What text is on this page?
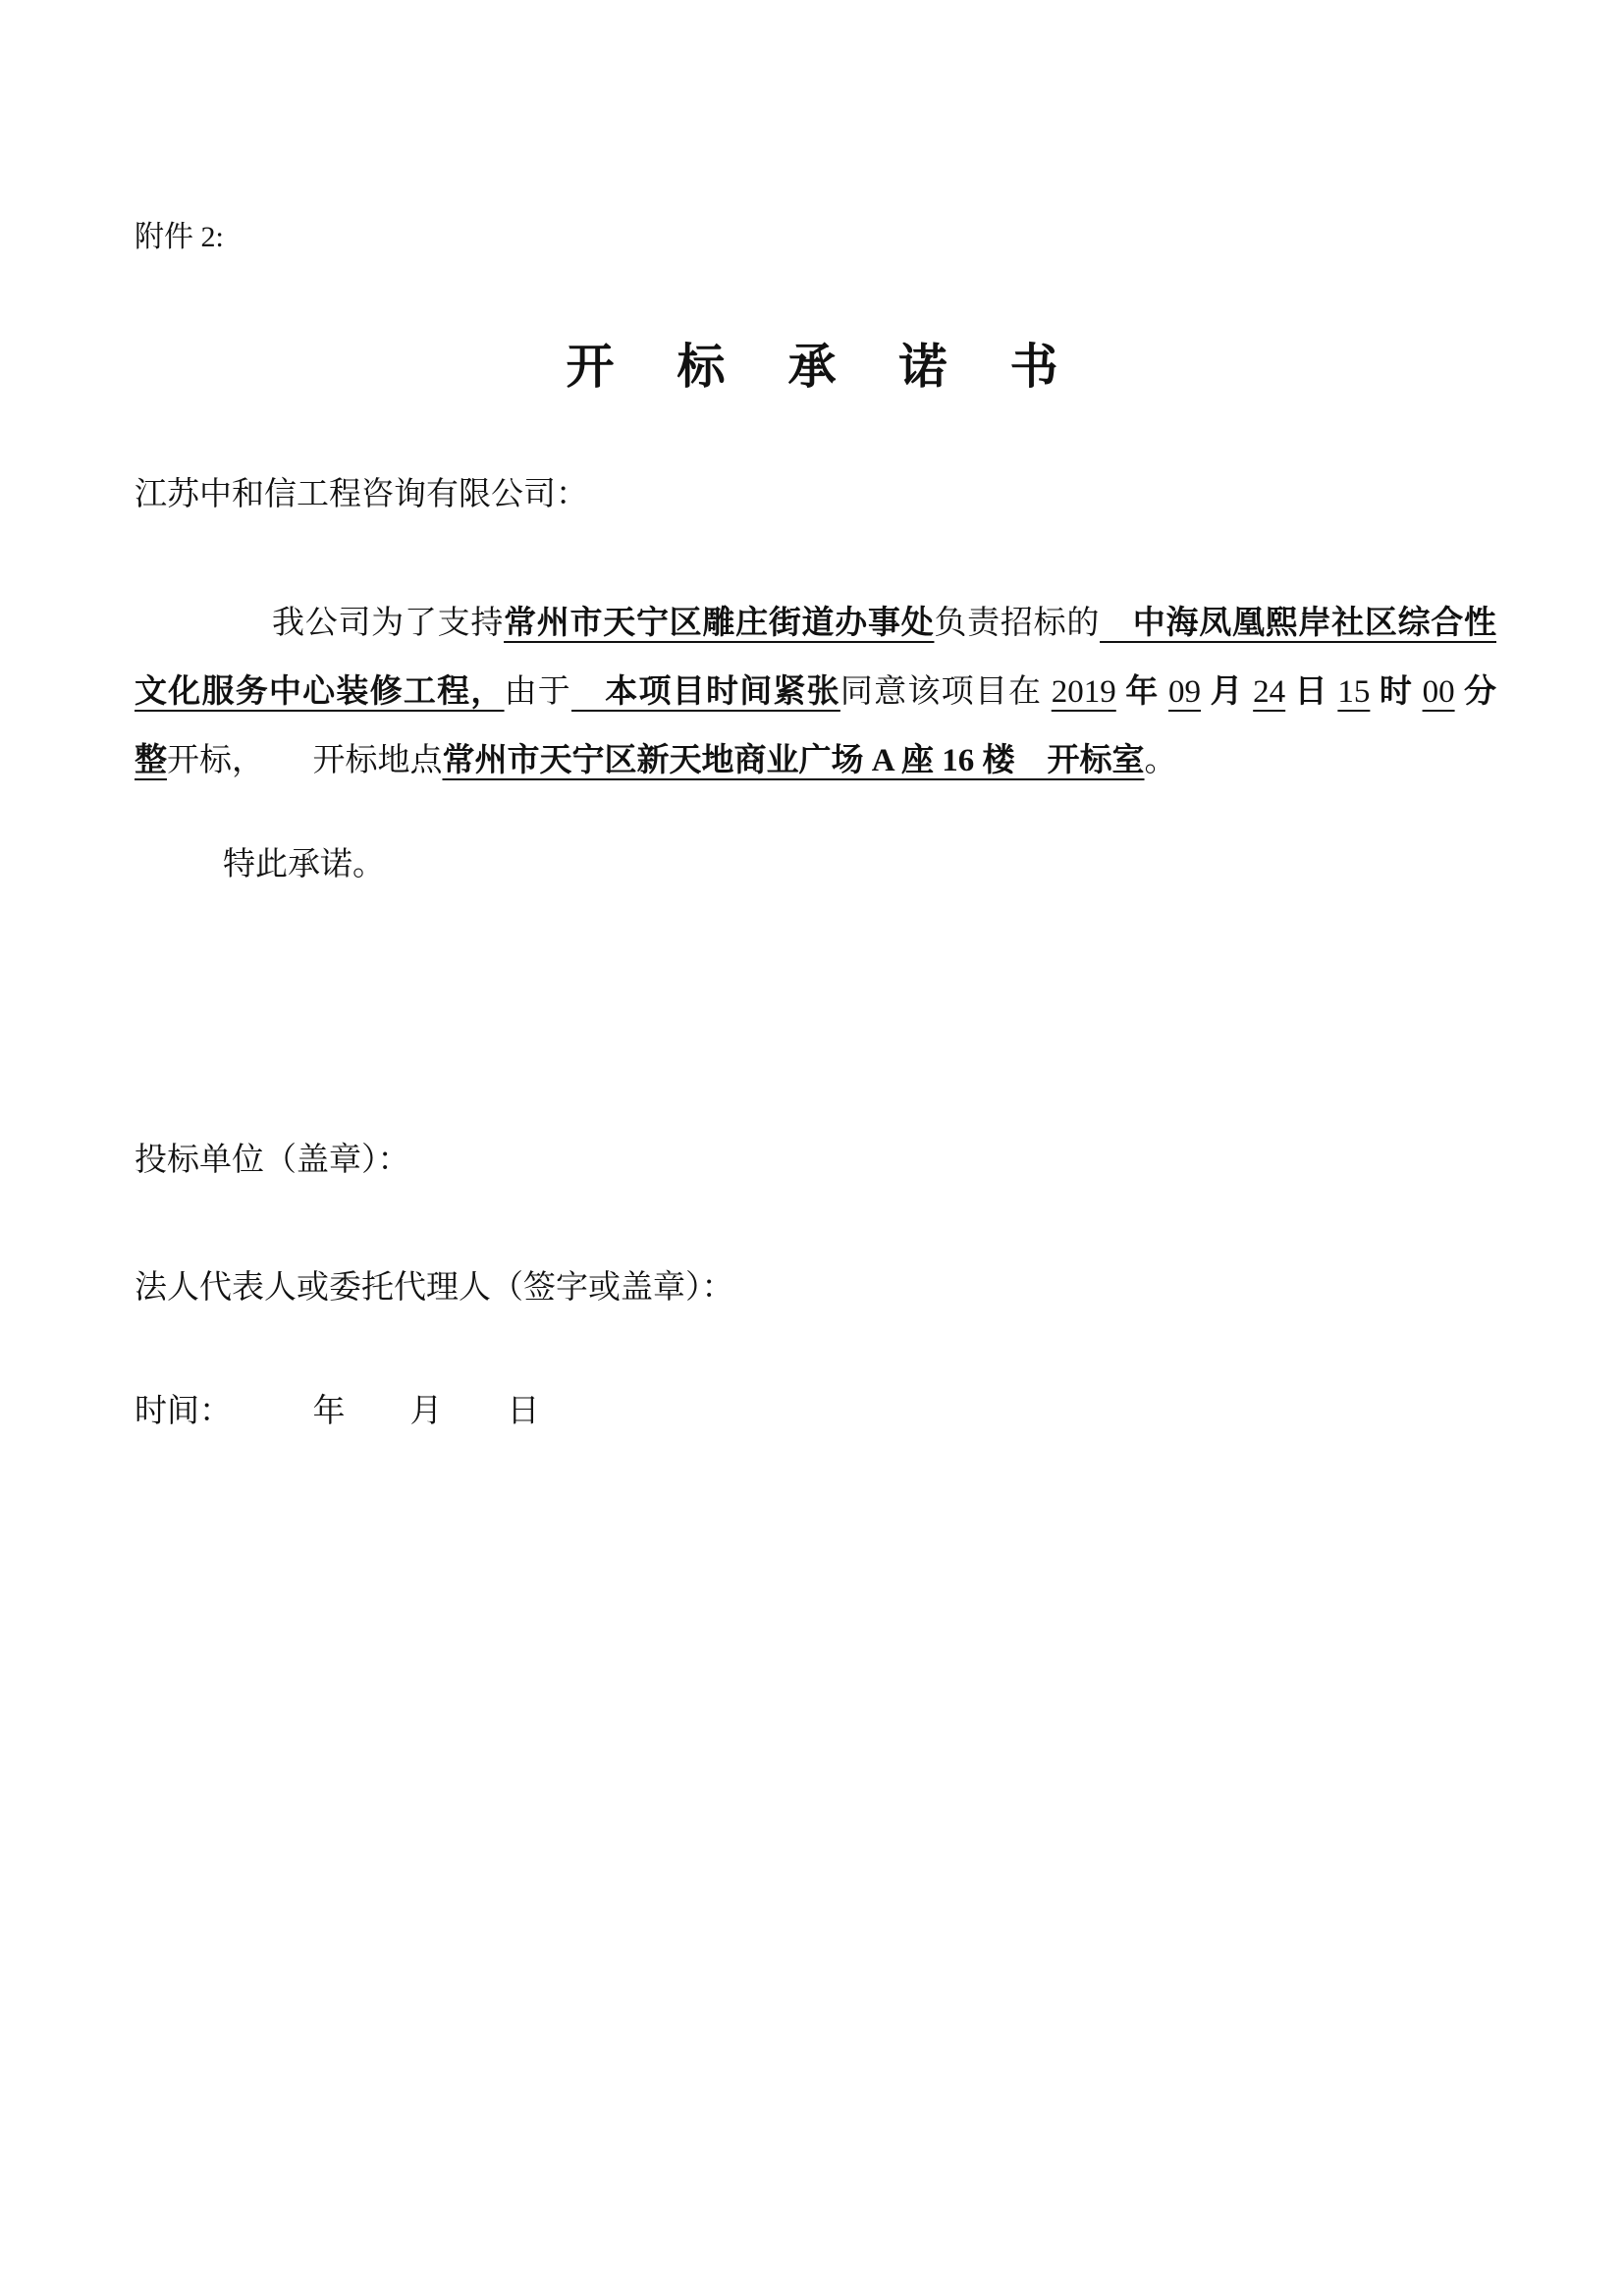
附件 2:
开标承诺书
江苏中和信工程咨询有限公司：
我公司为了支持常州市天宁区雕庄街道办事处负责招标的　中海凤凰熙岸社区综合性
文化服务中心装修工程，由于　本项目时间紧张同意该项目在 2019 年 09 月 24 日 15 时 00 分
整开标，　　开标地点常州市天宁区新天地商业广场 A 座 16 楼　开标室。
特此承诺。
投标单位（盖章）：
法人代表人或委托代理人（签字或盖章）：
时间：　　　年　　月　　日
